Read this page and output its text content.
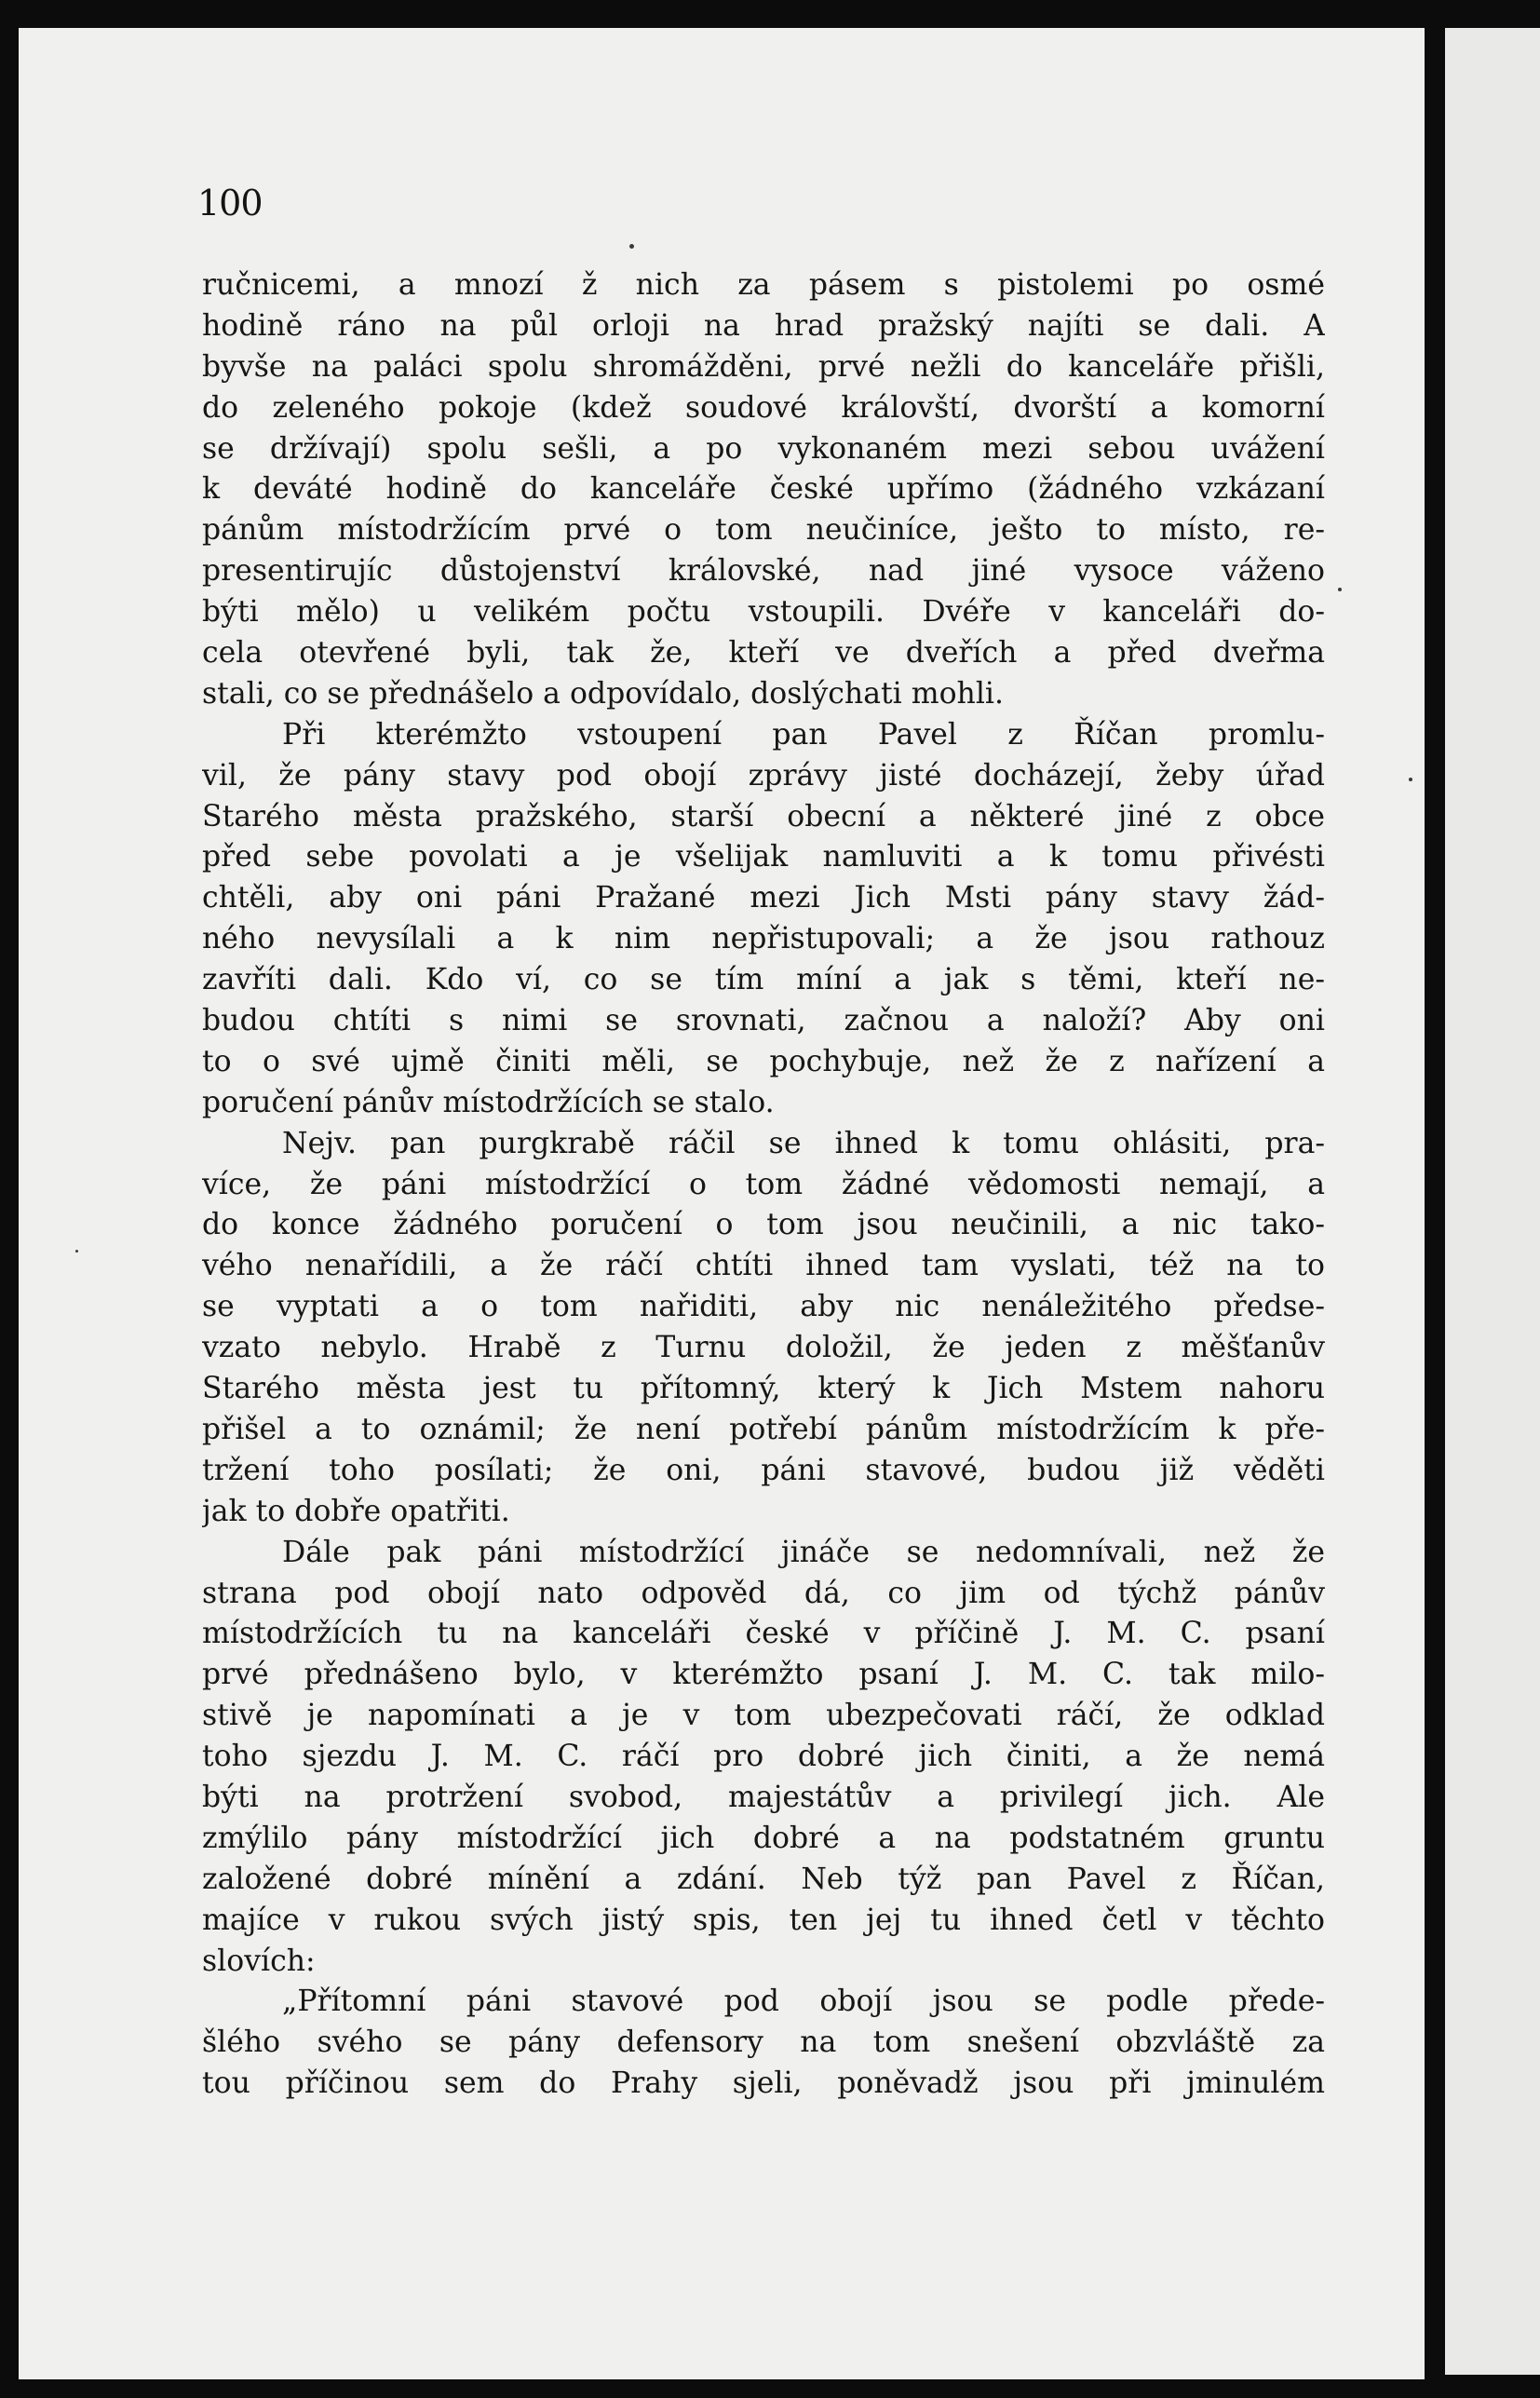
100
ručnicemi, a mnozí ž nich za pásem s pistolemi po osmé
hodině ráno na půl orloji na hrad pražský najíti se dali. A
byvše na paláci spolu shromážděni, prvé nežli do kanceláře přišli,
do zeleného pokoje (kdež soudové královští, dvorští a komorní
se držívají) spolu sešli, a po vykonaném mezi sebou uvážení
k deváté hodině do kanceláře české upřímo (žádného vzkázaní
pánům místodržícím prvé o tom neučiníce, ješto to místo, re-
presentirujíc důstojenství královské, nad jiné vysoce váženo
býti mělo) u velikém počtu vstoupili. Dvéře v kanceláři do-
cela otevřené byli, tak že, kteří ve dveřích a před dveřma
stali, co se přednášelo a odpovídalo, doslýchati mohli.
Při kterémžto vstoupení pan Pavel z Říčan promlu-
vil, že pány stavy pod obojí zprávy jisté docházejí, žeby úřad
Starého města pražského, starší obecní a některé jiné z obce
před sebe povolati a je všelijak namluviti a k tomu přivésti
chtěli, aby oni páni Pražané mezi Jich Msti pány stavy žád-
ného nevysílali a k nim nepřistupovali; a že jsou rathouz
zavříti dali. Kdo ví, co se tím míní a jak s těmi, kteří ne-
budou chtíti s nimi se srovnati, začnou a naloží? Aby oni
to o své ujmě činiti měli, se pochybuje, než že z nařízení a
poručení pánův místodržících se stalo.
Nejv. pan purgkrabě ráčil se ihned k tomu ohlásiti, pra-
více, že páni místodržící o tom žádné vědomosti nemají, a
do konce žádného poručení o tom jsou neučinili, a nic tako-
vého nenařídili, a že ráčí chtíti ihned tam vyslati, též na to
se vyptati a o tom nařiditi, aby nic nenáležitého předse-
vzato nebylo. Hrabě z Turnu doložil, že jeden z měšťanův
Starého města jest tu přítomný, který k Jich Mstem nahoru
přišel a to oznámil; že není potřebí pánům místodržícím k pře-
tržení toho posílati; že oni, páni stavové, budou již věděti
jak to dobře opatřiti.
Dále pak páni místodržící jináče se nedomnívali, než že
strana pod obojí nato odpověd dá, co jim od týchž pánův
místodržících tu na kanceláři české v příčině J. M. C. psaní
prvé přednášeno bylo, v kterémžto psaní J. M. C. tak milo-
stivě je napomínati a je v tom ubezpečovati ráčí, že odklad
toho sjezdu J. M. C. ráčí pro dobré jich činiti, a že nemá
býti na protržení svobod, majestátův a privilegí jich. Ale
zmýlilo pány místodržící jich dobré a na podstatném gruntu
založené dobré mínění a zdání. Neb týž pan Pavel z Říčan,
majíce v rukou svých jistý spis, ten jej tu ihned četl v těchto
slovích:
„Přítomní páni stavové pod obojí jsou se podle přede-
šlého svého se pány defensory na tom snešení obzvláště za
tou příčinou sem do Prahy sjeli, poněvadž jsou při jminulém
